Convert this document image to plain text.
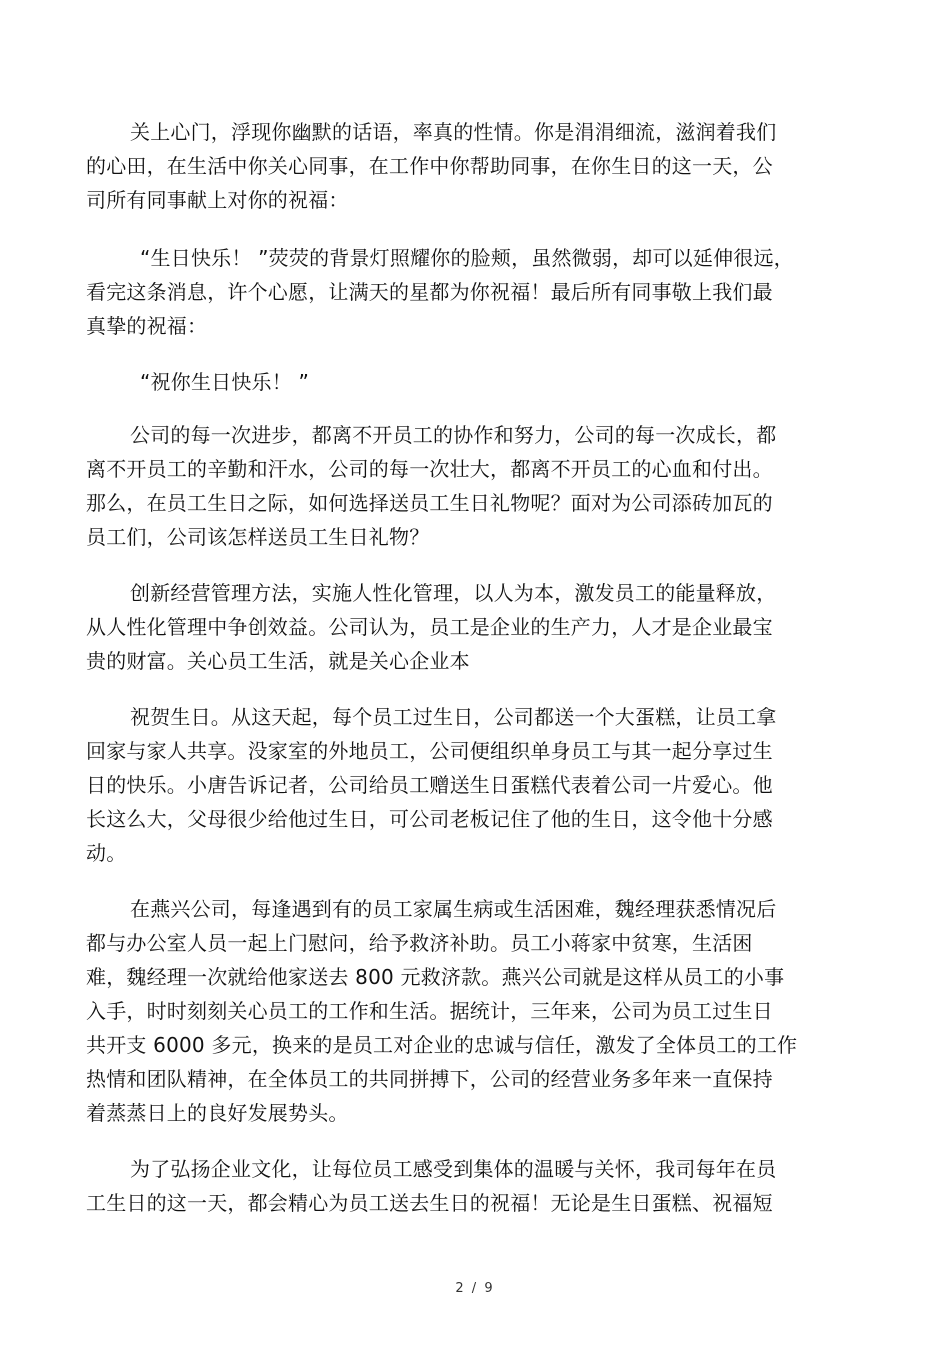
关上心门，浮现你幽默的话语，率真的性情。你是涓涓细流，滋润着我们

的心田，在生活中你关心同事，在工作中你帮助同事，在你生日的这一天，公

司所有同事献上对你的祝福：

“生日快乐！ ”荧荧的背景灯照耀你的脸颊，虽然微弱，却可以延伸很远，

看完这条消息，许个心愿，让满天的星都为你祝福！最后所有同事敬上我们最

真挚的祝福：

“祝你生日快乐！ ”

公司的每一次进步，都离不开员工的协作和努力，公司的每一次成长，都

离不开员工的辛勤和汗水，公司的每一次壮大，都离不开员工的心血和付出。

那么，在员工生日之际，如何选择送员工生日礼物呢？面对为公司添砖加瓦的

员工们，公司该怎样送员工生日礼物？

创新经营管理方法，实施人性化管理，以人为本，激发员工的能量释放，

从人性化管理中争创效益。公司认为，员工是企业的生产力，人才是企业最宝

贵的财富。关心员工生活，就是关心企业本

祝贺生日。从这天起，每个员工过生日，公司都送一个大蛋糕，让员工拿

回家与家人共享。没家室的外地员工，公司便组织单身员工与其一起分享过生

日的快乐。小唐告诉记者，公司给员工赠送生日蛋糕代表着公司一片爱心。他

长这么大，父母很少给他过生日，可公司老板记住了他的生日，这令他十分感

动。

在燕兴公司，每逢遇到有的员工家属生病或生活困难，魏经理获悉情况后

都与办公室人员一起上门慰问，给予救济补助。员工小蒋家中贫寒，生活困

难，魏经理一次就给他家送去 800 元救济款。燕兴公司就是这样从员工的小事

入手，时时刻刻关心员工的工作和生活。据统计，三年来，公司为员工过生日

共开支 6000 多元，换来的是员工对企业的忠诚与信任，激发了全体员工的工作

热情和团队精神，在全体员工的共同拼搏下，公司的经营业务多年来一直保持

着蒸蒸日上的良好发展势头。

为了弘扬企业文化，让每位员工感受到集体的温暖与关怀，我司每年在员

工生日的这一天，都会精心为员工送去生日的祝福！无论是生日蛋糕、祝福短

2 / 9
